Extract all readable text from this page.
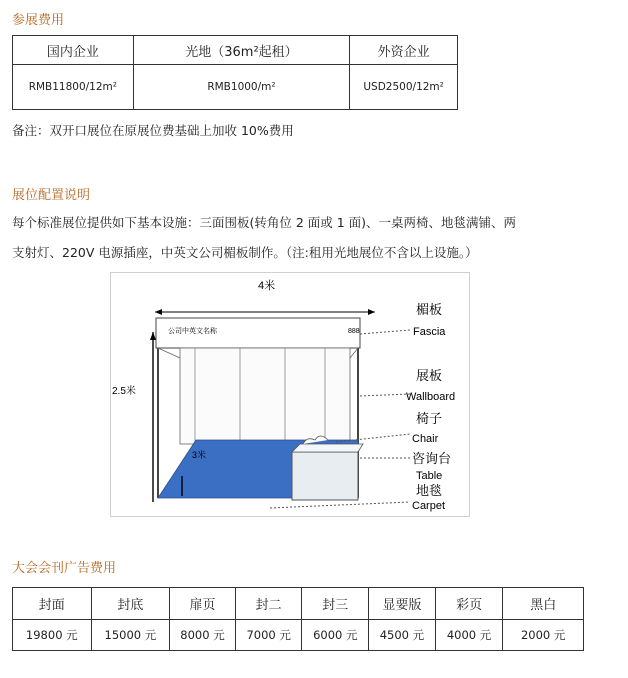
参展费用
国内企业	光地（36m²起租）	外资企业
RMB11800/12m²	RMB1000/m²	USD2500/12m²
备注：双开口展位在原展位费基础上加收 10%费用
展位配置说明
每个标准展位提供如下基本设施：三面围板(转角位 2 面或 1 面)、一桌两椅、地毯满铺、两
支射灯、220V 电源插座，中英文公司楣板制作。（注:租用光地展位不含以上设施。）
4米
2.5米
公司中英文名称	888
3米
楣板
Fascia
展板
Wallboard
椅子
Chair
咨询台
Table
地毯
Carpet
大会会刊广告费用
封面	封底	扉页	封二	封三	显要版	彩页	黑白
19800 元	15000 元	8000 元	7000 元	6000 元	4500 元	4000 元	2000 元
